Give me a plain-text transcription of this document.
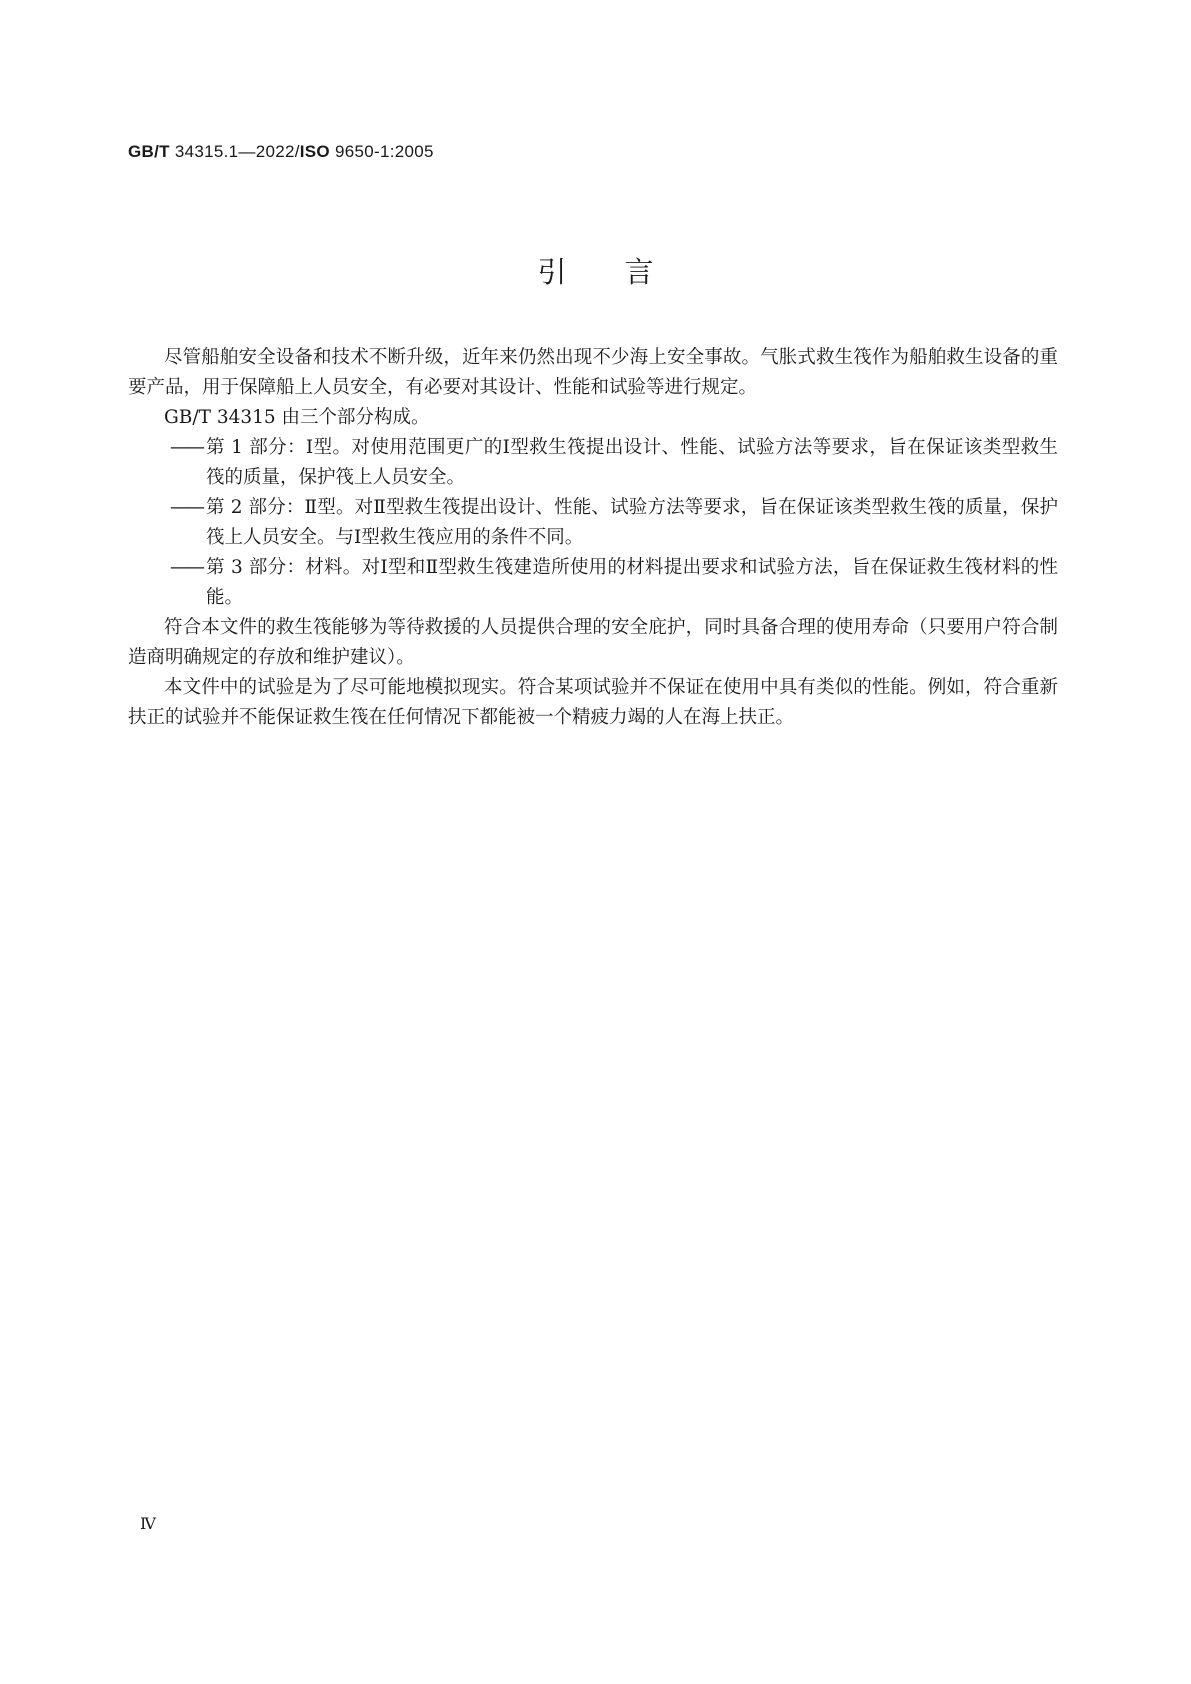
GB/T 34315.1—2022/ISO 9650-1:2005
引言

尽管船舶安全设备和技术不断升级，近年来仍然出现不少海上安全事故。气胀式救生筏作为船舶救生设备的重要产品，用于保障船上人员安全，有必要对其设计、性能和试验等进行规定。

GB/T 34315 由三个部分构成。

—— 第 1 部分：Ⅰ型。对使用范围更广的Ⅰ型救生筏提出设计、性能、试验方法等要求，旨在保证该类型救生筏的质量，保护筏上人员安全。
—— 第 2 部分：Ⅱ型。对Ⅱ型救生筏提出设计、性能、试验方法等要求，旨在保证该类型救生筏的质量，保护筏上人员安全。与Ⅰ型救生筏应用的条件不同。
—— 第 3 部分：材料。对Ⅰ型和Ⅱ型救生筏建造所使用的材料提出要求和试验方法，旨在保证救生筏材料的性能。

符合本文件的救生筏能够为等待救援的人员提供合理的安全庇护，同时具备合理的使用寿命（只要用户符合制造商明确规定的存放和维护建议）。

本文件中的试验是为了尽可能地模拟现实。符合某项试验并不保证在使用中具有类似的性能。例如，符合重新扶正的试验并不能保证救生筏在任何情况下都能被一个精疲力竭的人在海上扶正。

Ⅳ
